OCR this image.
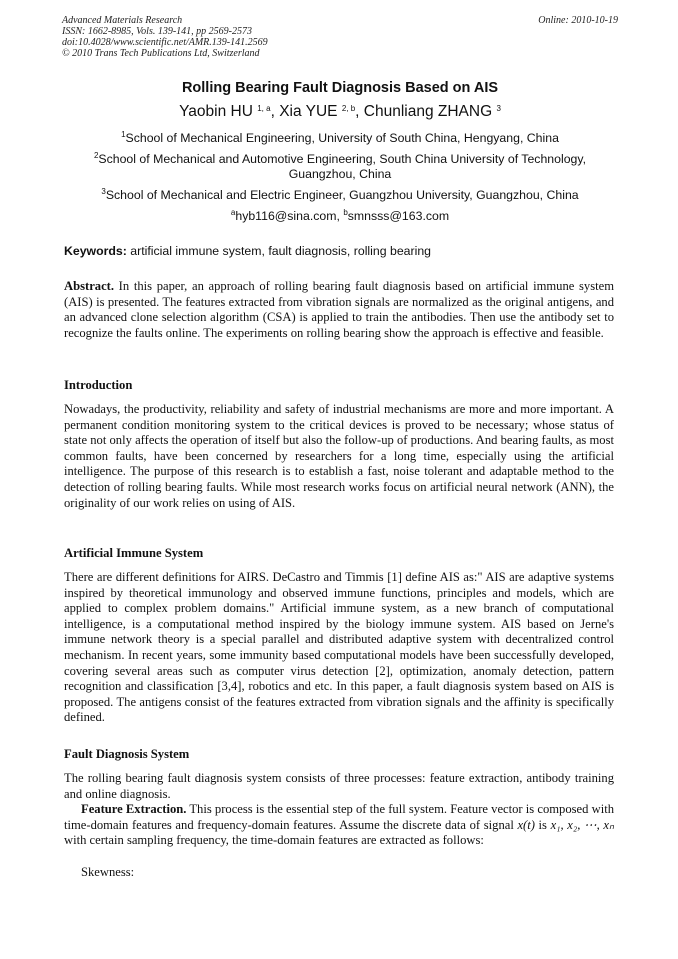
Advanced Materials Research
ISSN: 1662-8985, Vols. 139-141, pp 2569-2573
doi:10.4028/www.scientific.net/AMR.139-141.2569
© 2010 Trans Tech Publications Ltd, Switzerland
Online: 2010-10-19
Rolling Bearing Fault Diagnosis Based on AIS
Yaobin HU $^{1, a}$, Xia YUE $^{2, b}$, Chunliang ZHANG $^3$
$^1$School of Mechanical Engineering, University of South China, Hengyang, China
$^2$School of Mechanical and Automotive Engineering, South China University of Technology, Guangzhou, China
$^3$School of Mechanical and Electric Engineer, Guangzhou University, Guangzhou, China
$^a$hyb116@sina.com, $^b$smnsss@163.com
Keywords: artificial immune system, fault diagnosis, rolling bearing
Abstract. In this paper, an approach of rolling bearing fault diagnosis based on artificial immune system (AIS) is presented. The features extracted from vibration signals are normalized as the original antigens, and an advanced clone selection algorithm (CSA) is applied to train the antibodies. Then use the antibody set to recognize the faults online. The experiments on rolling bearing show the approach is effective and feasible.
Introduction
Nowadays, the productivity, reliability and safety of industrial mechanisms are more and more important. A permanent condition monitoring system to the critical devices is proved to be necessary; whose status of state not only affects the operation of itself but also the follow-up of productions. And bearing faults, as most common faults, have been concerned by researchers for a long time, especially using the artificial intelligence. The purpose of this research is to establish a fast, noise tolerant and adaptable method to the detection of rolling bearing faults. While most research works focus on artificial neural network (ANN), the originality of our work relies on using of AIS.
Artificial Immune System
There are different definitions for AIRS. DeCastro and Timmis [1] define AIS as:" AIS are adaptive systems inspired by theoretical immunology and observed immune functions, principles and models, which are applied to complex problem domains." Artificial immune system, as a new branch of computational intelligence, is a computational method inspired by the biology immune system. AIS based on Jerne's immune network theory is a special parallel and distributed adaptive system with decentralized control mechanism. In recent years, some immunity based computational models have been successfully developed, covering several areas such as computer virus detection [2], optimization, anomaly detection, pattern recognition and classification [3,4], robotics and etc. In this paper, a fault diagnosis system based on AIS is proposed. The antigens consist of the features extracted from vibration signals and the affinity is specifically defined.
Fault Diagnosis System
The rolling bearing fault diagnosis system consists of three processes: feature extraction, antibody training and online diagnosis.
Feature Extraction. This process is the essential step of the full system. Feature vector is composed with time-domain features and frequency-domain features. Assume the discrete data of signal x(t) is x₁, x₂, ⋯, xₙ with certain sampling frequency, the time-domain features are extracted as follows:
Skewness:
